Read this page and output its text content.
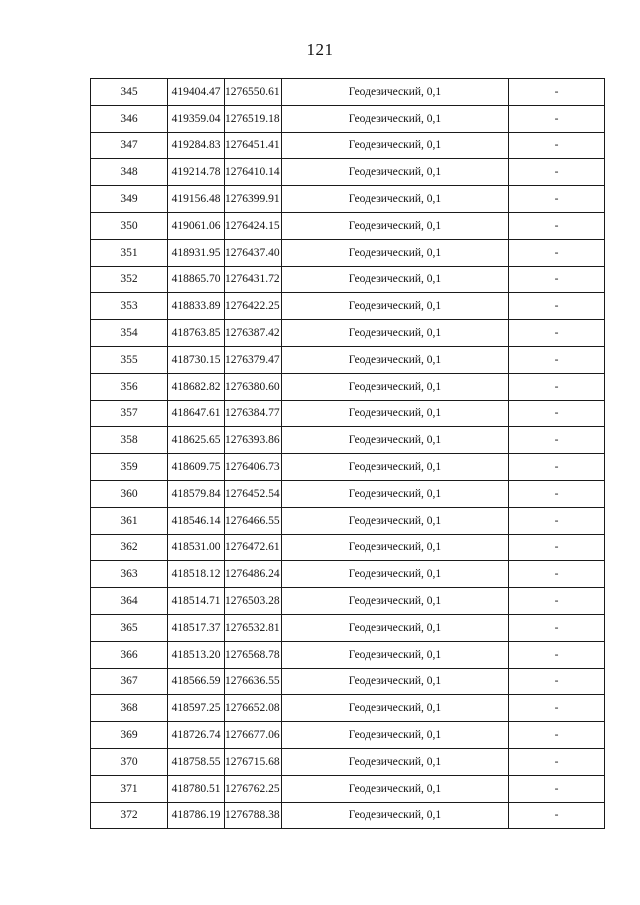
121
345	419404.47	1276550.61	Геодезический, 0,1	-
346	419359.04	1276519.18	Геодезический, 0,1	-
347	419284.83	1276451.41	Геодезический, 0,1	-
348	419214.78	1276410.14	Геодезический, 0,1	-
349	419156.48	1276399.91	Геодезический, 0,1	-
350	419061.06	1276424.15	Геодезический, 0,1	-
351	418931.95	1276437.40	Геодезический, 0,1	-
352	418865.70	1276431.72	Геодезический, 0,1	-
353	418833.89	1276422.25	Геодезический, 0,1	-
354	418763.85	1276387.42	Геодезический, 0,1	-
355	418730.15	1276379.47	Геодезический, 0,1	-
356	418682.82	1276380.60	Геодезический, 0,1	-
357	418647.61	1276384.77	Геодезический, 0,1	-
358	418625.65	1276393.86	Геодезический, 0,1	-
359	418609.75	1276406.73	Геодезический, 0,1	-
360	418579.84	1276452.54	Геодезический, 0,1	-
361	418546.14	1276466.55	Геодезический, 0,1	-
362	418531.00	1276472.61	Геодезический, 0,1	-
363	418518.12	1276486.24	Геодезический, 0,1	-
364	418514.71	1276503.28	Геодезический, 0,1	-
365	418517.37	1276532.81	Геодезический, 0,1	-
366	418513.20	1276568.78	Геодезический, 0,1	-
367	418566.59	1276636.55	Геодезический, 0,1	-
368	418597.25	1276652.08	Геодезический, 0,1	-
369	418726.74	1276677.06	Геодезический, 0,1	-
370	418758.55	1276715.68	Геодезический, 0,1	-
371	418780.51	1276762.25	Геодезический, 0,1	-
372	418786.19	1276788.38	Геодезический, 0,1	-
